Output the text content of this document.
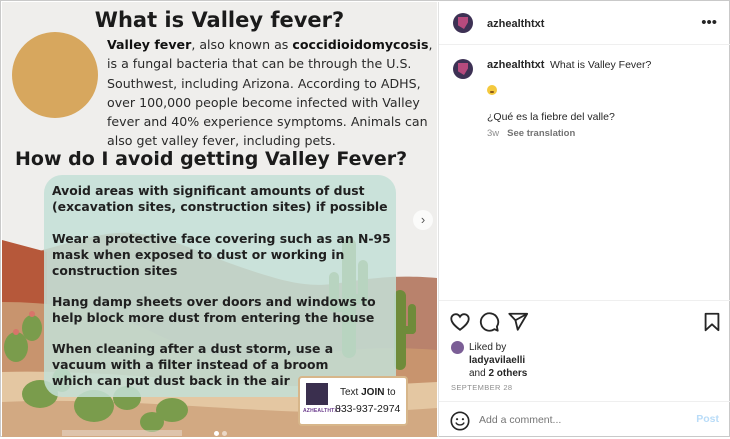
What is Valley fever?
Valley fever, also known as coccidioidomycosis, is a fungal bacteria that can be through the U.S. Southwest, including Arizona. According to ADHS, over 100,000 people become infected with Valley fever and 40% experience symptoms. Animals can also get valley fever, including pets.
How do I avoid getting Valley Fever?
Avoid areas with significant amounts of dust (excavation sites, construction sites) if possible
Wear a protective face covering such as an N-95 mask when exposed to dust or working in construction sites
Hang damp sheets over doors and windows to help block more dust from entering the house
When cleaning after a dust storm, use a vacuum with a filter instead of a broom which can put dust back in the air
AZHEALTHTXT
Text JOIN to
833-937-2974
›
azhealthtxt	•••
azhealthtxt What is Valley Fever?
¿Qué es la fiebre del valle?
3w See translation
Liked by
ladyavilaelli
and 2 others
SEPTEMBER 28
Add a comment...
Post
